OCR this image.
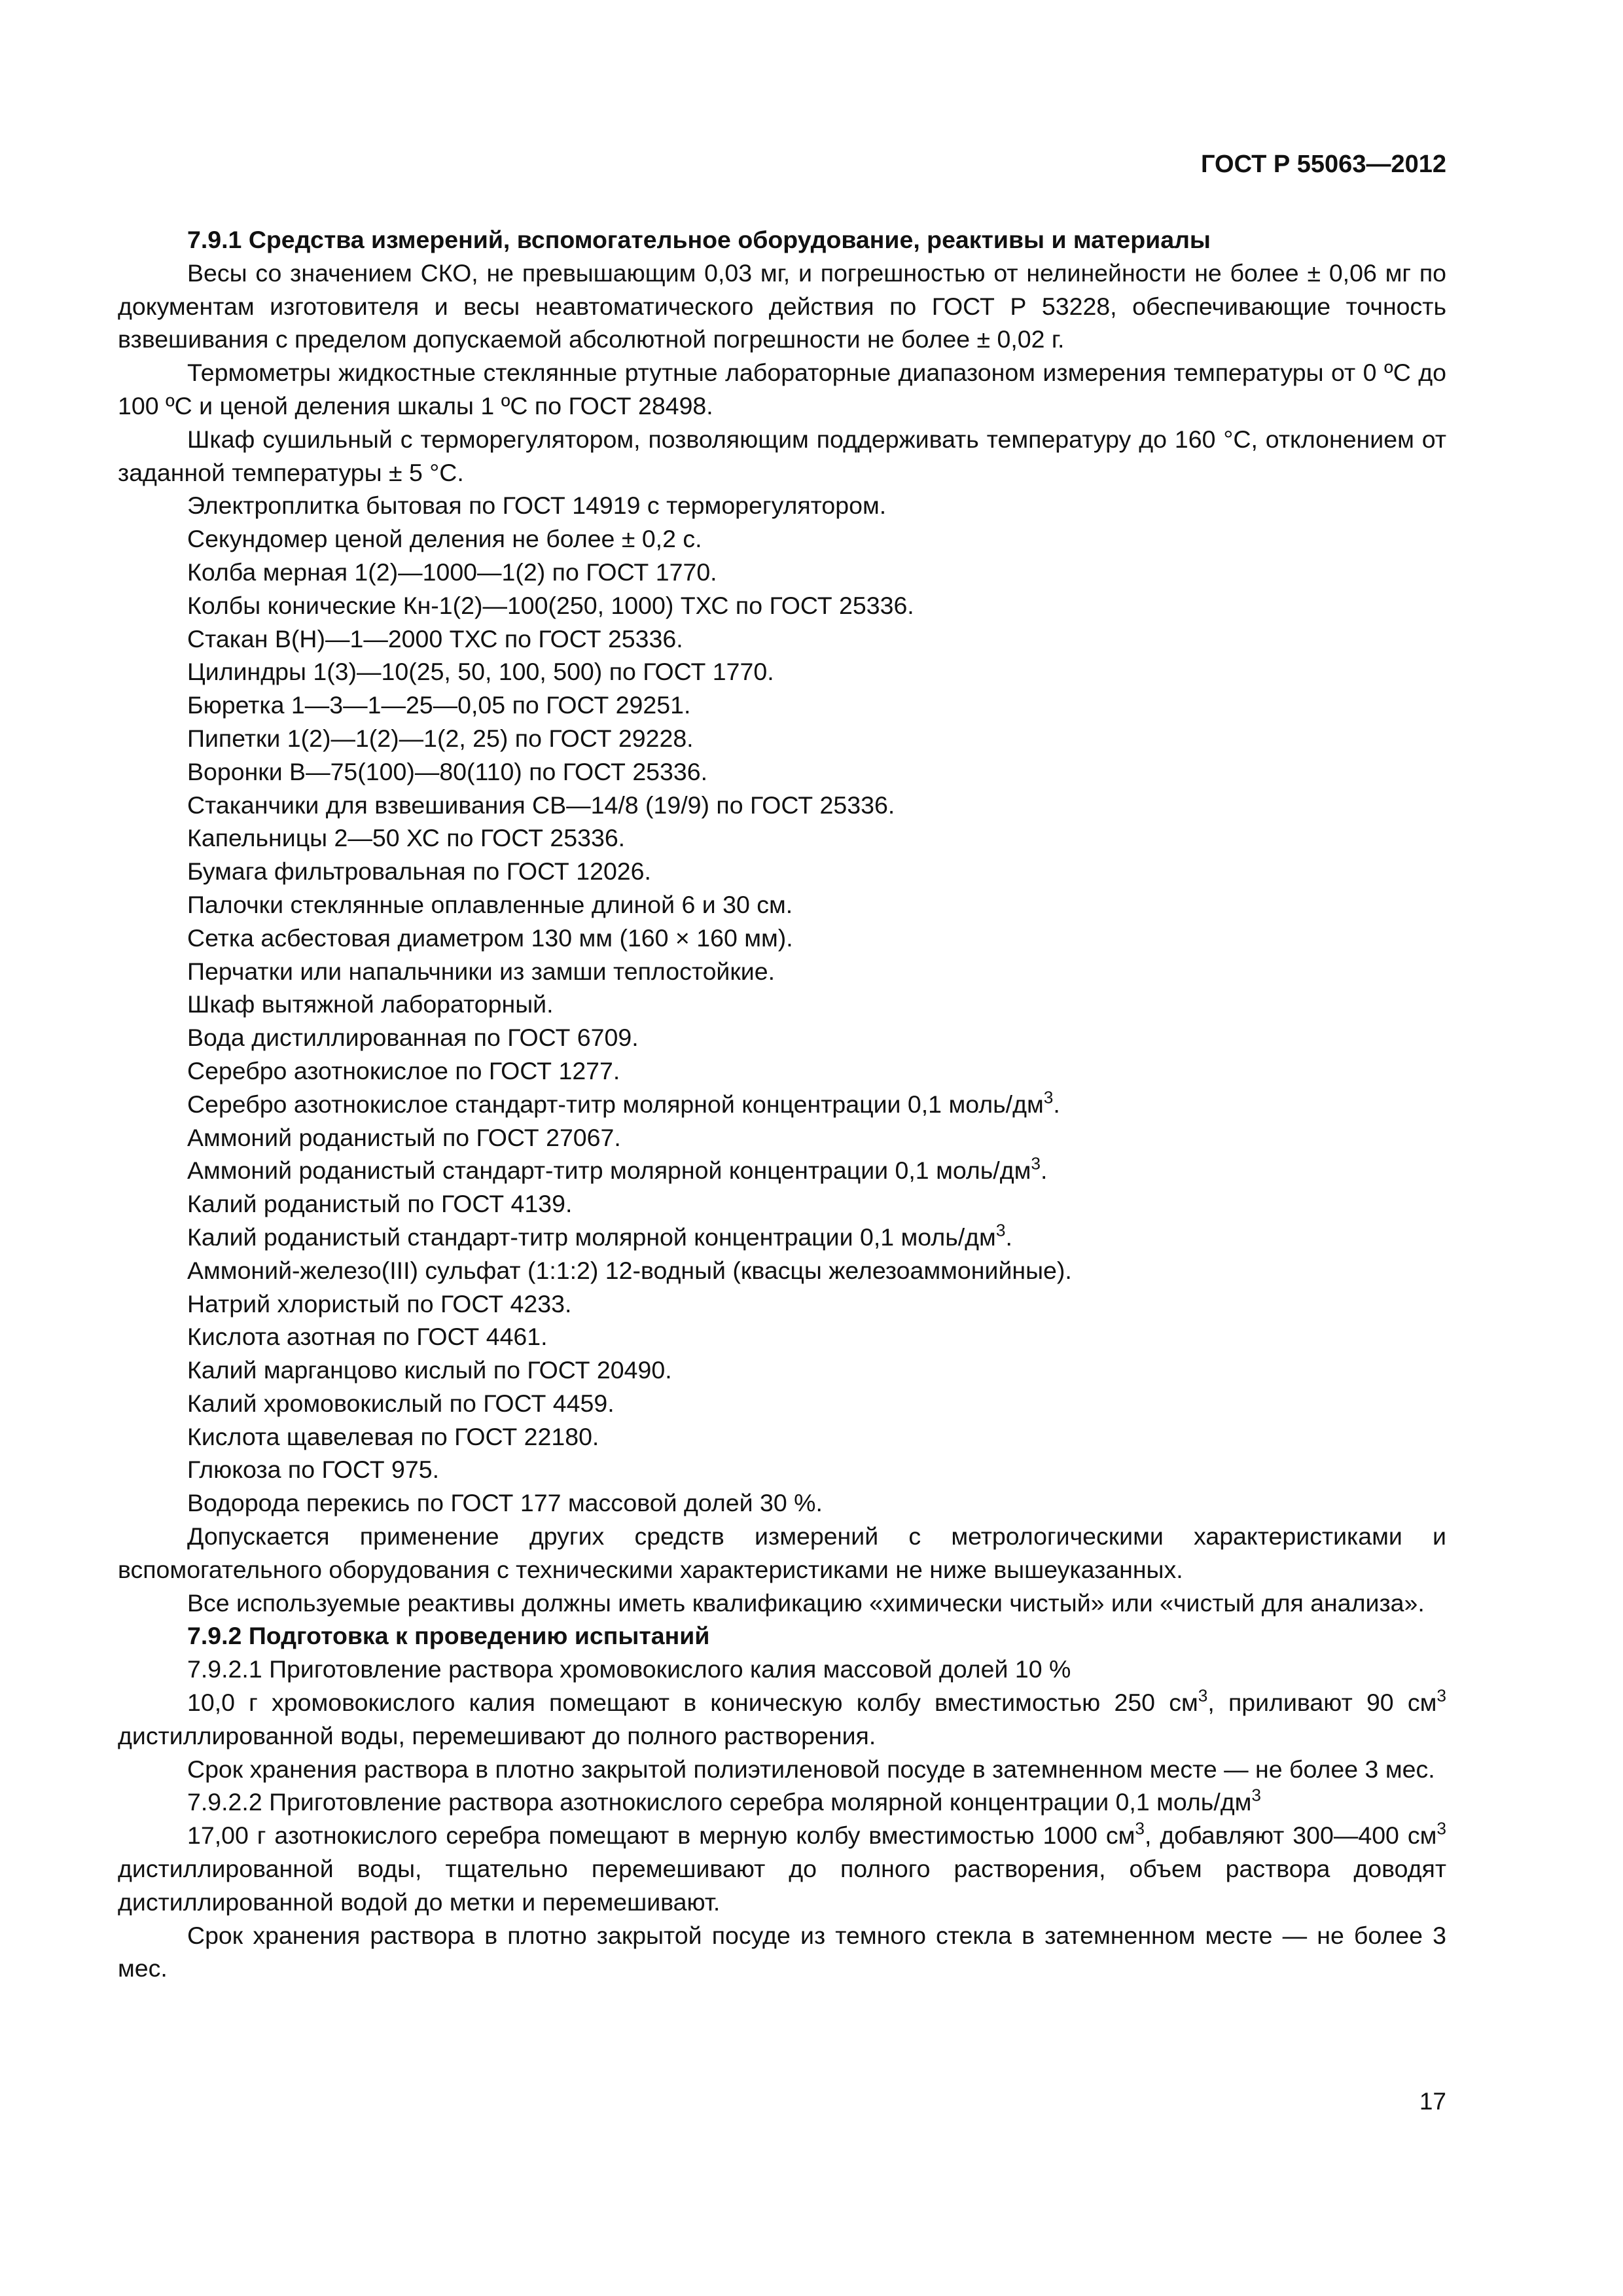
ГОСТ Р 55063—2012

7.9.1 Средства измерений, вспомогательное оборудование, реактивы и материалы

Весы со значением СКО, не превышающим 0,03 мг, и погрешностью от нелинейности не более ± 0,06 мг по документам изготовителя и весы неавтоматического действия по ГОСТ Р 53228, обеспечивающие точность взвешивания с пределом допускаемой абсолютной погрешности не более ± 0,02 г.

Термометры жидкостные стеклянные ртутные лабораторные диапазоном измерения температуры от 0 ºС до 100 ºС и ценой деления шкалы 1 ºС по ГОСТ 28498.

Шкаф сушильный с терморегулятором, позволяющим поддерживать температуру до 160 °С, отклонением от заданной температуры ± 5 °С.

Электроплитка бытовая по ГОСТ 14919 с терморегулятором.

Секундомер ценой деления не более ± 0,2 с.

Колба мерная 1(2)—1000—1(2) по ГОСТ 1770.

Колбы конические Кн-1(2)—100(250, 1000) ТХС по ГОСТ 25336.

Стакан В(Н)—1—2000 ТХС по ГОСТ 25336.

Цилиндры 1(3)—10(25, 50, 100, 500) по ГОСТ 1770.

Бюретка 1—3—1—25—0,05 по ГОСТ 29251.

Пипетки 1(2)—1(2)—1(2, 25) по ГОСТ 29228.

Воронки В—75(100)—80(110) по ГОСТ 25336.

Стаканчики для взвешивания СВ—14/8 (19/9) по ГОСТ 25336.

Капельницы 2—50 ХС по ГОСТ 25336.

Бумага фильтровальная по ГОСТ 12026.

Палочки стеклянные оплавленные длиной 6 и 30 см.

Сетка асбестовая диаметром 130 мм (160 × 160 мм).

Перчатки или напальчники из замши теплостойкие.

Шкаф вытяжной лабораторный.

Вода дистиллированная по ГОСТ 6709.

Серебро азотнокислое по ГОСТ 1277.

Серебро азотнокислое стандарт-титр молярной концентрации 0,1 моль/$дм^3$.

Аммоний роданистый по ГОСТ 27067.

Аммоний роданистый стандарт-титр молярной концентрации 0,1 моль/$дм^3$.

Калий роданистый по ГОСТ 4139.

Калий роданистый стандарт-титр молярной концентрации 0,1 моль/$дм^3$.

Аммоний-железо(III) сульфат (1:1:2) 12-водный (квасцы железоаммонийные).

Натрий хлористый по ГОСТ 4233.

Кислота азотная по ГОСТ 4461.

Калий марганцово кислый по ГОСТ 20490.

Калий хромовокислый по ГОСТ 4459.

Кислота щавелевая по ГОСТ 22180.

Глюкоза по ГОСТ 975.

Водорода перекись по ГОСТ 177 массовой долей 30 %.

Допускается применение других средств измерений с метрологическими характеристиками и вспомогательного оборудования с техническими характеристиками не ниже вышеуказанных.

Все используемые реактивы должны иметь квалификацию «химически чистый» или «чистый для анализа».

7.9.2 Подготовка к проведению испытаний

7.9.2.1 Приготовление раствора хромовокислого калия массовой долей 10 %

10,0 г хромовокислого калия помещают в коническую колбу вместимостью 250 $см^3$, приливают 90 $см^3$ дистиллированной воды, перемешивают до полного растворения.

Срок хранения раствора в плотно закрытой полиэтиленовой посуде в затемненном месте — не более 3 мес.

7.9.2.2 Приготовление раствора азотнокислого серебра молярной концентрации 0,1 моль/$дм^3$

17,00 г азотнокислого серебра помещают в мерную колбу вместимостью 1000 $см^3$, добавляют 300—400 $см^3$ дистиллированной воды, тщательно перемешивают до полного растворения, объем раствора доводят дистиллированной водой до метки и перемешивают.

Срок хранения раствора в плотно закрытой посуде из темного стекла в затемненном месте — не более 3 мес.

17
